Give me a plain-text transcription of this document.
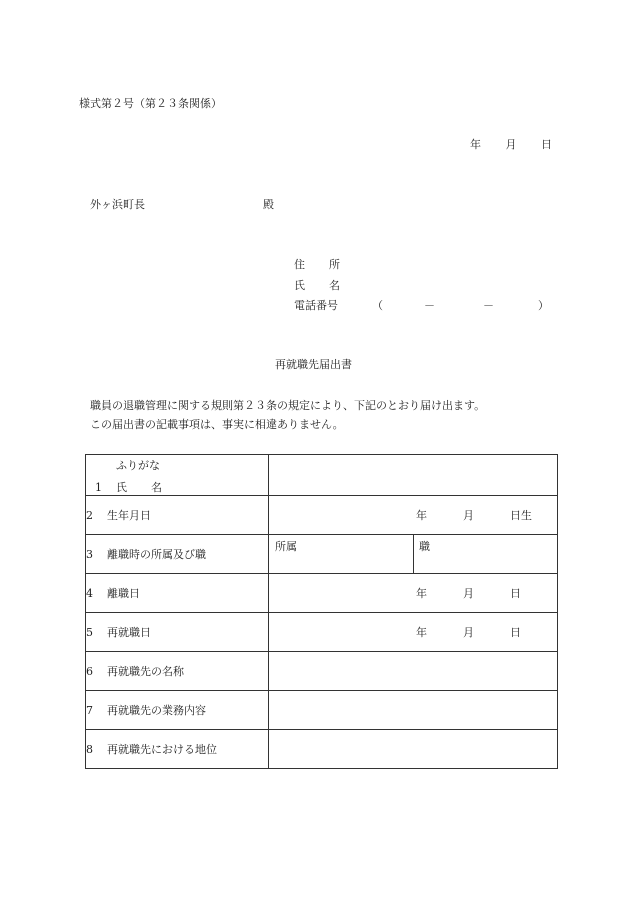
様式第２号（第２３条関係）
年 月 日
外ヶ浜町長	殿
住 所
氏 名
電話番号	（	－	－	）
再就職先届出書
職員の退職管理に関する規則第２３条の規定により、下記のとおり届け出ます。
この届出書の記載事項は、事実に相違ありません。
ふりがな
1 氏 名	

2 生年月日	年 月 日生

3 離職時の所属及び職	所属 職

4 離職日	年 月 日

5 再就職日	年 月 日

6 再就職先の名称	
7 再就職先の業務内容	
8 再就職先における地位	
